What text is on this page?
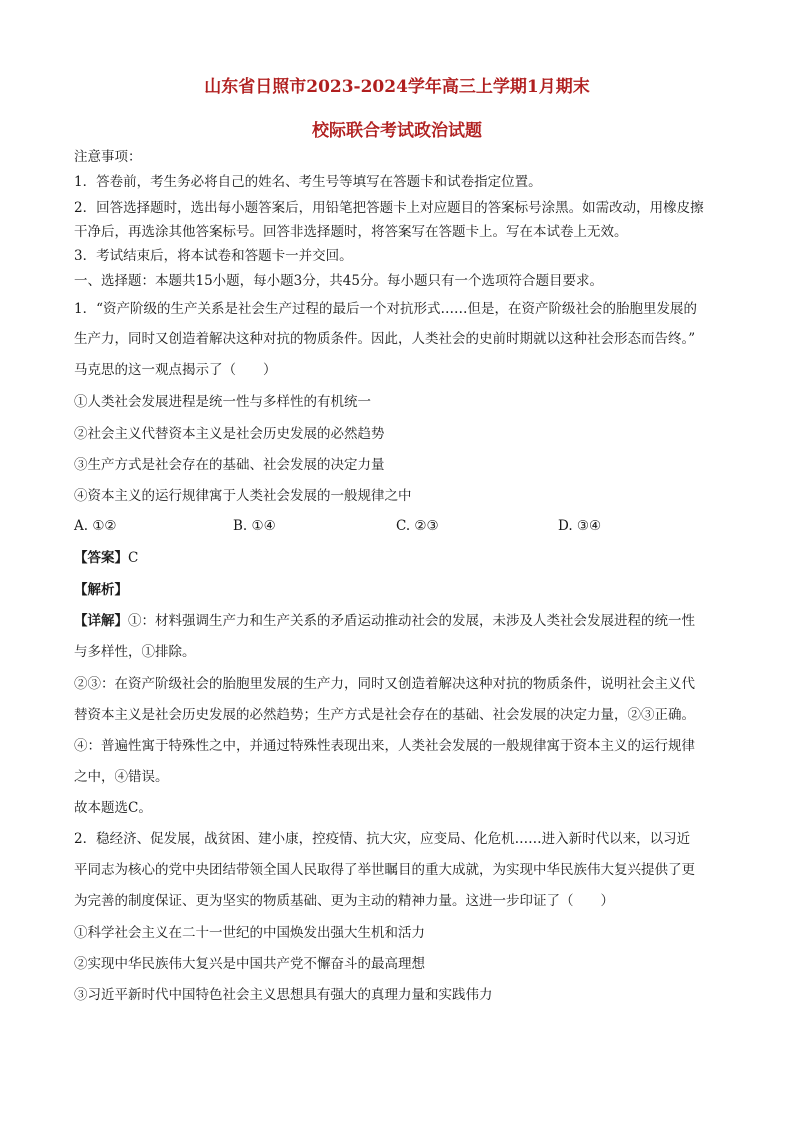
山东省日照市2023-2024学年高三上学期1月期末
校际联合考试政治试题
注意事项：
1．答卷前，考生务必将自己的姓名、考生号等填写在答题卡和试卷指定位置。
2．回答选择题时，选出每小题答案后，用铅笔把答题卡上对应题目的答案标号涂黑。如需改动，用橡皮擦
干净后，再选涂其他答案标号。回答非选择题时，将答案写在答题卡上。写在本试卷上无效。
3．考试结束后，将本试卷和答题卡一并交回。
一、选择题：本题共15小题，每小题3分，共45分。每小题只有一个选项符合题目要求。
1．“资产阶级的生产关系是社会生产过程的最后一个对抗形式……但是，在资产阶级社会的胎胞里发展的
生产力，同时又创造着解决这种对抗的物质条件。因此，人类社会的史前时期就以这种社会形态而告终。”
马克思的这一观点揭示了（　　）
①人类社会发展进程是统一性与多样性的有机统一
②社会主义代替资本主义是社会历史发展的必然趋势
③生产方式是社会存在的基础、社会发展的决定力量
④资本主义的运行规律寓于人类社会发展的一般规律之中
A. ①②	B. ①④	C. ②③	D. ③④
【答案】C
【解析】
【详解】①：材料强调生产力和生产关系的矛盾运动推动社会的发展，未涉及人类社会发展进程的统一性
与多样性，①排除。
②③：在资产阶级社会的胎胞里发展的生产力，同时又创造着解决这种对抗的物质条件，说明社会主义代
替资本主义是社会历史发展的必然趋势；生产方式是社会存在的基础、社会发展的决定力量，②③正确。
④：普遍性寓于特殊性之中，并通过特殊性表现出来，人类社会发展的一般规律寓于资本主义的运行规律
之中，④错误。
故本题选C。
2．稳经济、促发展，战贫困、建小康，控疫情、抗大灾，应变局、化危机……进入新时代以来，以习近
平同志为核心的党中央团结带领全国人民取得了举世瞩目的重大成就，为实现中华民族伟大复兴提供了更
为完善的制度保证、更为坚实的物质基础、更为主动的精神力量。这进一步印证了（　　）
①科学社会主义在二十一世纪的中国焕发出强大生机和活力
②实现中华民族伟大复兴是中国共产党不懈奋斗的最高理想
③习近平新时代中国特色社会主义思想具有强大的真理力量和实践伟力
